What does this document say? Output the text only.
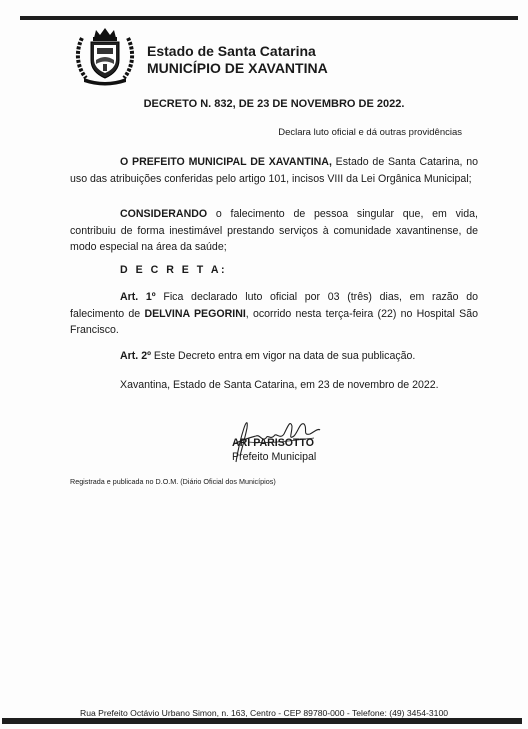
Estado de Santa Catarina
MUNICÍPIO DE XAVANTINA
DECRETO N. 832, DE 23 DE NOVEMBRO DE 2022.
Declara luto oficial e dá outras providências

O PREFEITO MUNICIPAL DE XAVANTINA, Estado de Santa Catarina, no uso das atribuições conferidas pelo artigo 101, incisos VIII da Lei Orgânica Municipal;

CONSIDERANDO o falecimento de pessoa singular que, em vida, contribuiu de forma inestimável prestando serviços à comunidade xavantinense, de modo especial na área da saúde;

D E C R E T A:

Art. 1º Fica declarado luto oficial por 03 (três) dias, em razão do falecimento de DELVINA PEGORINI, ocorrido nesta terça-feira (22) no Hospital São Francisco.

Art. 2º Este Decreto entra em vigor na data de sua publicação.
Xavantina, Estado de Santa Catarina, em 23 de novembro de 2022.
ARI PARISOTTO
Prefeito Municipal
Registrada e publicada no D.O.M. (Diário Oficial dos Municípios)
Rua Prefeito Octávio Urbano Simon, n. 163, Centro - CEP 89780-000 - Telefone: (49) 3454-3100
